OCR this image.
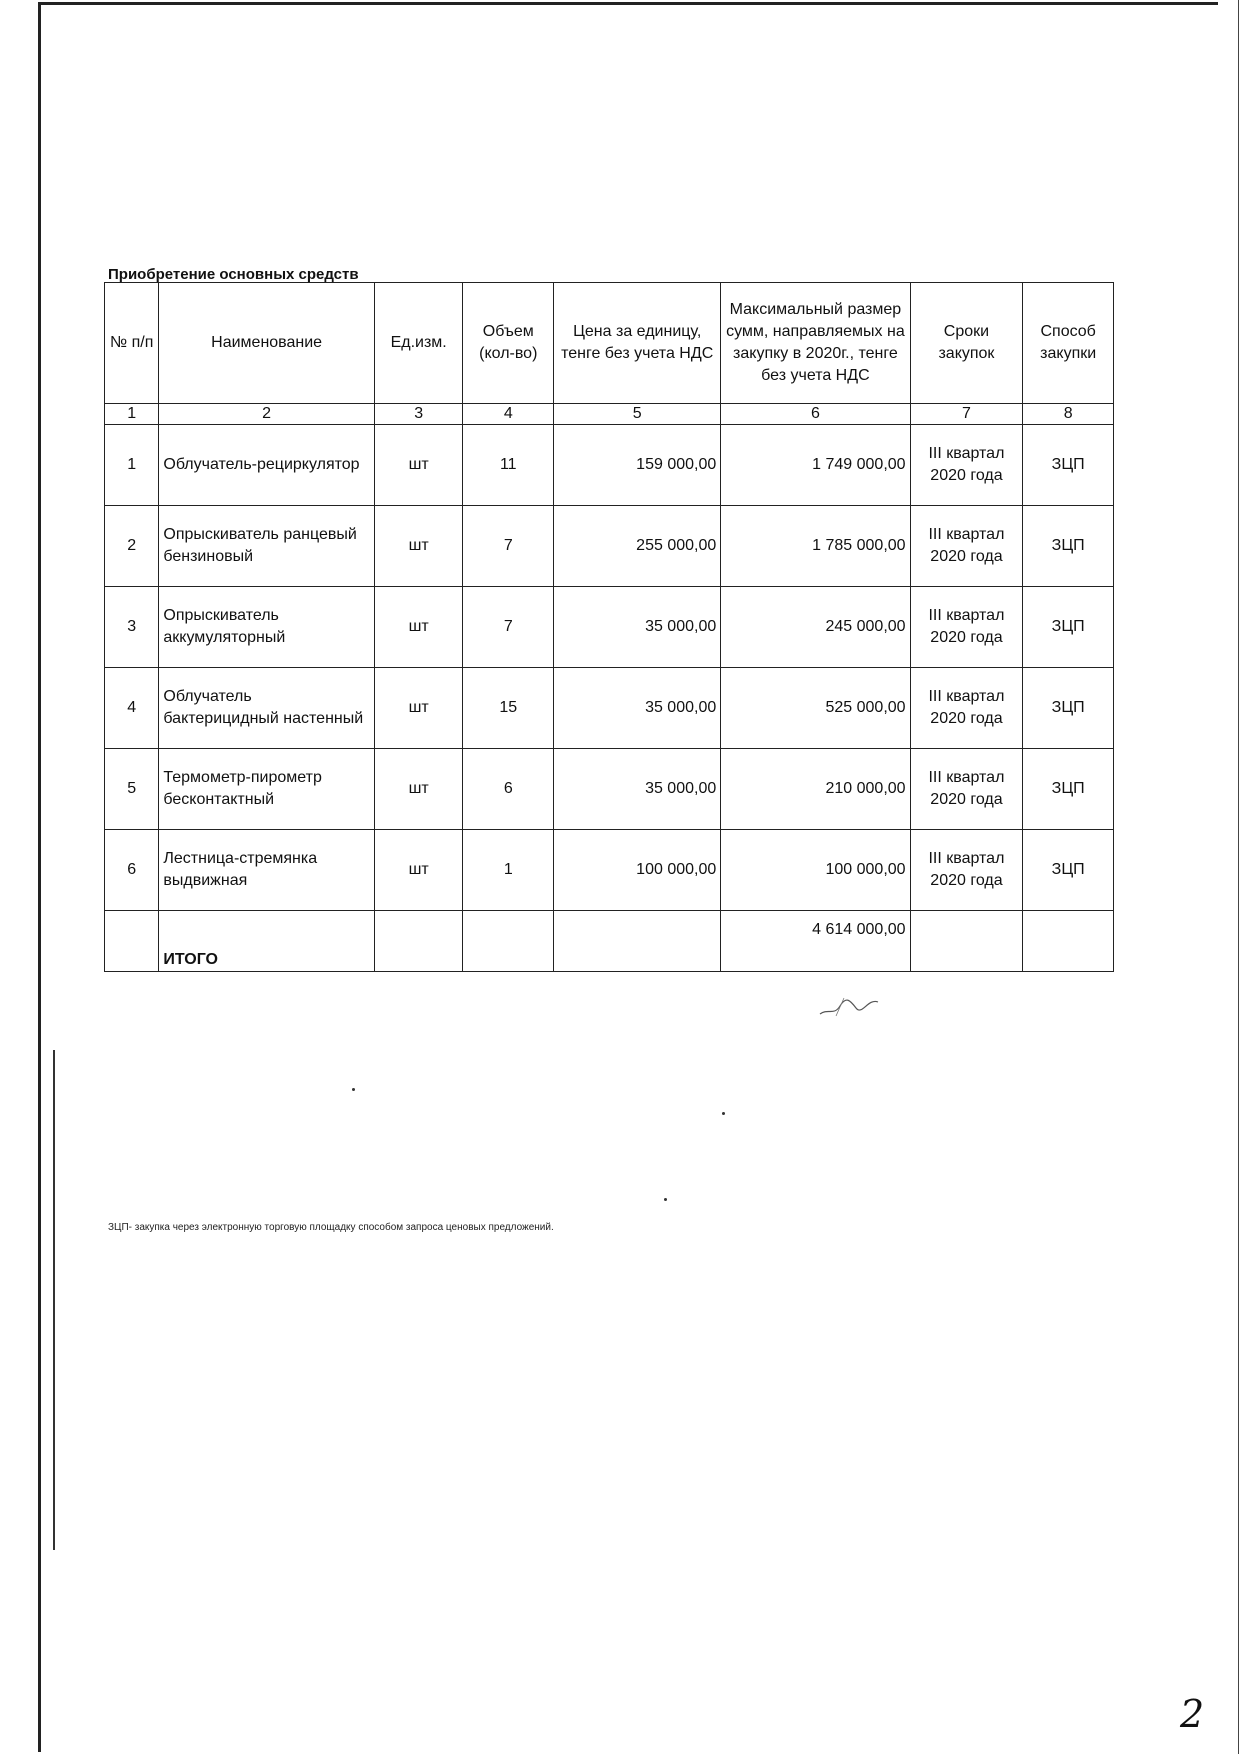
Приобретение основных средств
№ п/п	Наименование	Ед.изм.	Объем (кол-во)	Цена за единицу, тенге без учета НДС	Максимальный размер сумм, направляемых на закупку в 2020г., тенге без учета НДС	Сроки закупок	Способ закупки
1	2	3	4	5	6	7	8
1	Облучатель-рециркулятор	шт	11	159 000,00	1 749 000,00	III квартал 2020 года	ЗЦП
2	Опрыскиватель ранцевый бензиновый	шт	7	255 000,00	1 785 000,00	III квартал 2020 года	ЗЦП
3	Опрыскиватель аккумуляторный	шт	7	35 000,00	245 000,00	III квартал 2020 года	ЗЦП
4	Облучатель бактерицидный настенный	шт	15	35 000,00	525 000,00	III квартал 2020 года	ЗЦП
5	Термометр-пирометр бесконтактный	шт	6	35 000,00	210 000,00	III квартал 2020 года	ЗЦП
6	Лестница-стремянка выдвижная	шт	1	100 000,00	100 000,00	III квартал 2020 года	ЗЦП
	ИТОГО				4 614 000,00		
ЗЦП- закупка через электронную торговую площадку способом запроса ценовых предложений.
2
